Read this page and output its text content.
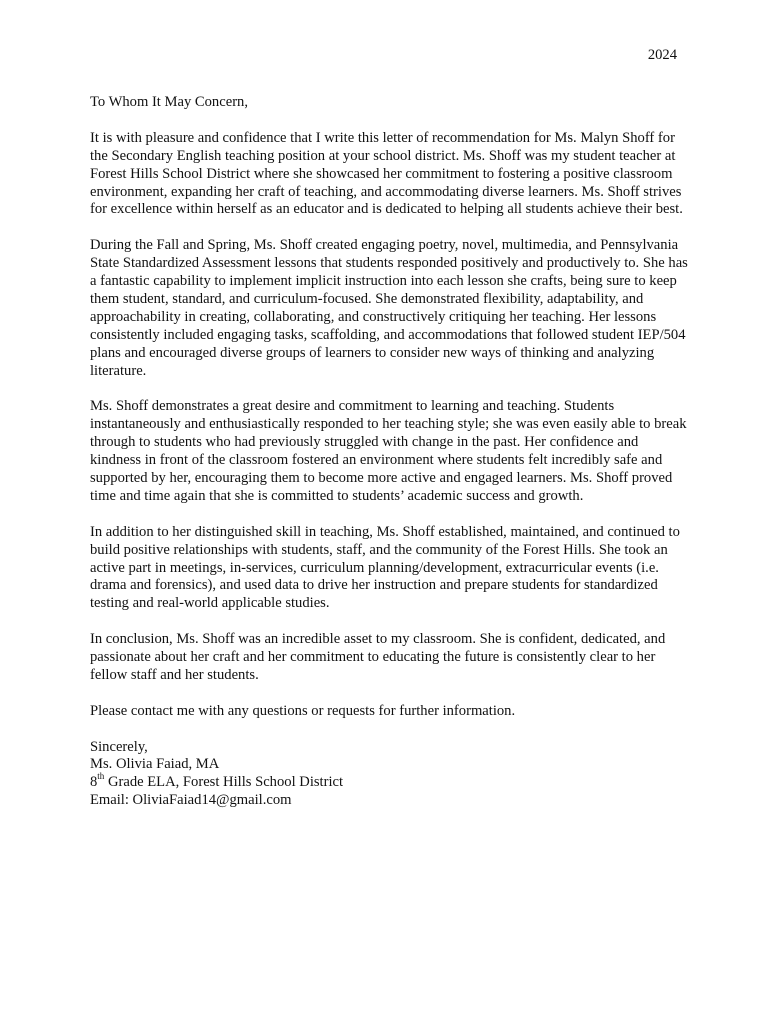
2024

To Whom It May Concern,

It is with pleasure and confidence that I write this letter of recommendation for Ms. Malyn Shoff for the Secondary English teaching position at your school district. Ms. Shoff was my student teacher at Forest Hills School District where she showcased her commitment to fostering a positive classroom environment, expanding her craft of teaching, and accommodating diverse learners. Ms. Shoff strives for excellence within herself as an educator and is dedicated to helping all students achieve their best.

During the Fall and Spring, Ms. Shoff created engaging poetry, novel, multimedia, and Pennsylvania State Standardized Assessment lessons that students responded positively and productively to. She has a fantastic capability to implement implicit instruction into each lesson she crafts, being sure to keep them student, standard, and curriculum-focused. She demonstrated flexibility, adaptability, and approachability in creating, collaborating, and constructively critiquing her teaching. Her lessons consistently included engaging tasks, scaffolding, and accommodations that followed student IEP/504 plans and encouraged diverse groups of learners to consider new ways of thinking and analyzing literature.

Ms. Shoff demonstrates a great desire and commitment to learning and teaching. Students instantaneously and enthusiastically responded to her teaching style; she was even easily able to break through to students who had previously struggled with change in the past. Her confidence and kindness in front of the classroom fostered an environment where students felt incredibly safe and supported by her, encouraging them to become more active and engaged learners. Ms. Shoff proved time and time again that she is committed to students’ academic success and growth.

In addition to her distinguished skill in teaching, Ms. Shoff established, maintained, and continued to build positive relationships with students, staff, and the community of the Forest Hills. She took an active part in meetings, in-services, curriculum planning/development, extracurricular events (i.e. drama and forensics), and used data to drive her instruction and prepare students for standardized testing and real-world applicable studies.

In conclusion, Ms. Shoff was an incredible asset to my classroom. She is confident, dedicated, and passionate about her craft and her commitment to educating the future is consistently clear to her fellow staff and her students.

Please contact me with any questions or requests for further information.

Sincerely,
Ms. Olivia Faiad, MA
8th Grade ELA, Forest Hills School District
Email: OliviaFaiad14@gmail.com
